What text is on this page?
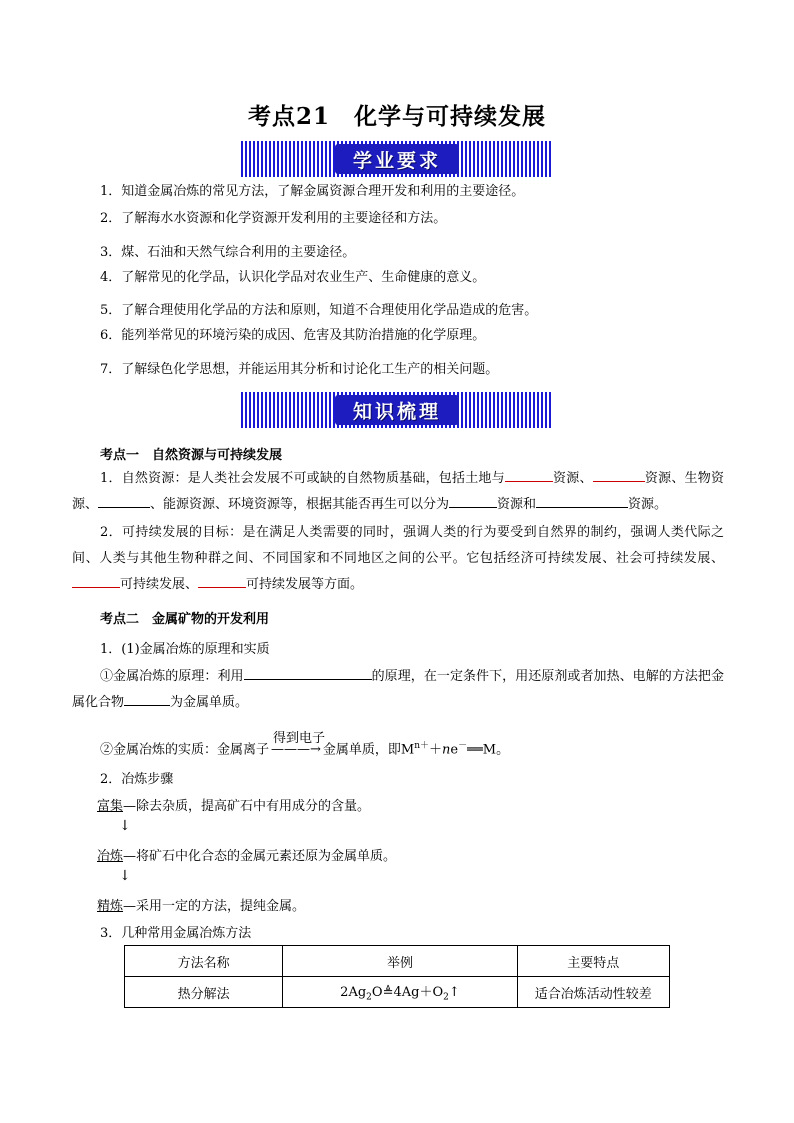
考点21　化学与可持续发展
学业要求
1．知道金属冶炼的常见方法，了解金属资源合理开发和利用的主要途径。
2．了解海水水资源和化学资源开发利用的主要途径和方法。
3．煤、石油和天然气综合利用的主要途径。
4．了解常见的化学品，认识化学品对农业生产、生命健康的意义。
5．了解合理使用化学品的方法和原则，知道不合理使用化学品造成的危害。
6．能列举常见的环境污染的成因、危害及其防治措施的化学原理。
7．了解绿色化学思想，并能运用其分析和讨论化工生产的相关问题。
知识梳理
考点一　自然资源与可持续发展
1．自然资源：是人类社会发展不可或缺的自然物质基础，包括土地与	资源、	资源、生物资源、	、能源资源、环境资源等，根据其能否再生可以分为	资源和	资源。
2．可持续发展的目标：是在满足人类需要的同时，强调人类的行为要受到自然界的制约，强调人类代际之间、人类与其他生物种群之间、不同国家和不同地区之间的公平。它包括经济可持续发展、社会可持续发展、可持续发展、	可持续发展等方面。
考点二　金属矿物的开发利用
1．(1)金属冶炼的原理和实质
①金属冶炼的原理：利用	的原理，在一定条件下，用还原剂或者加热、电解的方法把金属化合物	为金属单质。
②金属冶炼的实质：金属离子
得到电子
———→ 金属单质，即$M^{n+}+ne^-══M$。
2．冶炼步骤
富集—除去杂质，提高矿石中有用成分的含量。
↓
冶炼—将矿石中化合态的金属元素还原为金属单质。
↓
精炼—采用一定的方法，提纯金属。
3．几种常用金属冶炼方法
方法名称	举例	主要特点
热分解法	$2Ag_2O≜4Ag+O_2↑$	适合冶炼活动性较差
